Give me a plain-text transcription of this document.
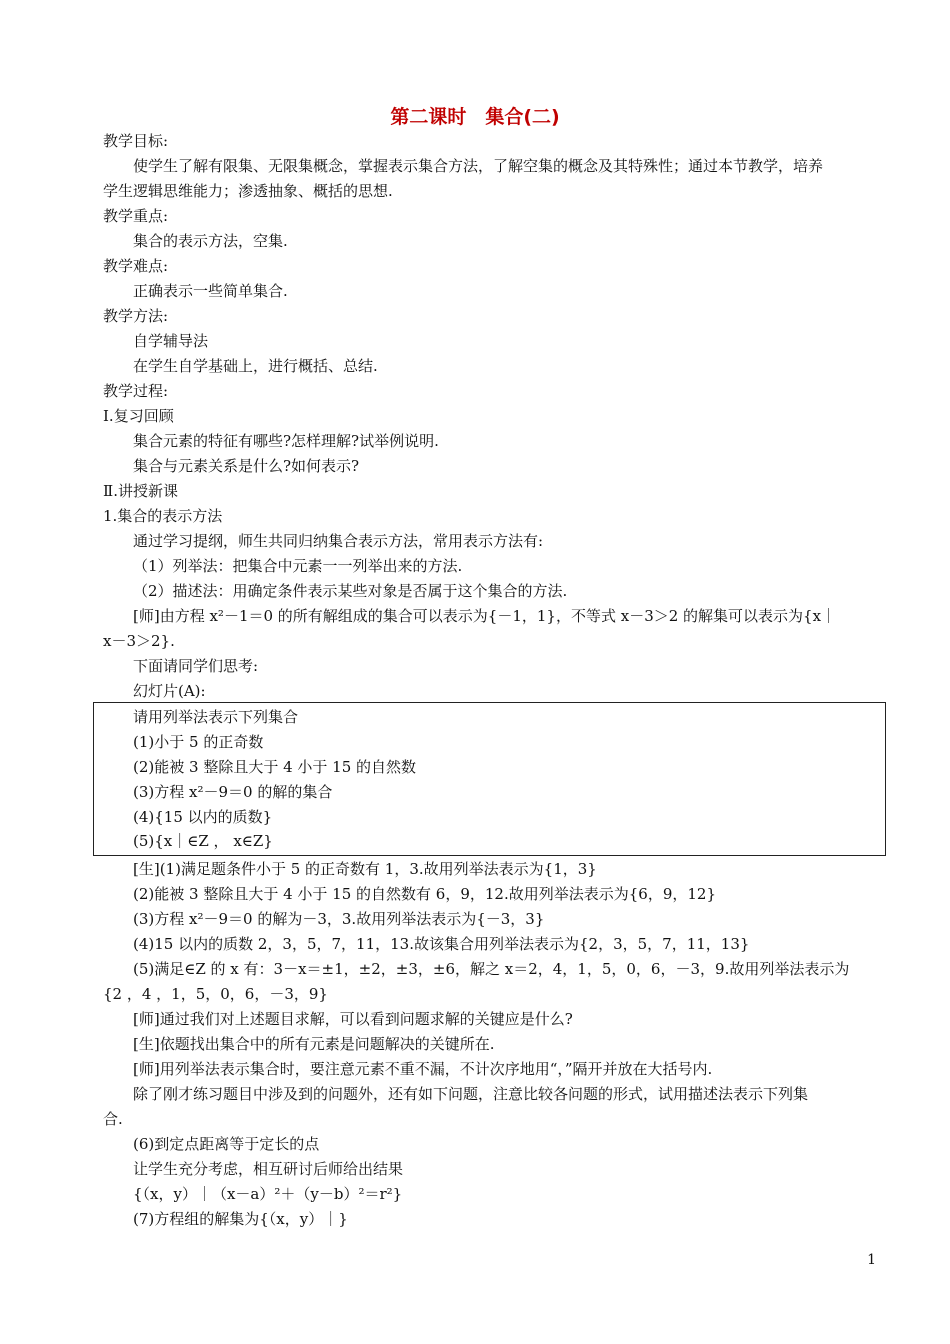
第二课时　集合(二)
教学目标:
使学生了解有限集、无限集概念，掌握表示集合方法，了解空集的概念及其特殊性；通过本节教学，培养
学生逻辑思维能力；渗透抽象、概括的思想.
教学重点:
集合的表示方法，空集.
教学难点:
正确表示一些简单集合.
教学方法:
自学辅导法
在学生自学基础上，进行概括、总结.
教学过程:
Ⅰ.复习回顾
集合元素的特征有哪些?怎样理解?试举例说明.
集合与元素关系是什么?如何表示?
Ⅱ.讲授新课
1.集合的表示方法
通过学习提纲，师生共同归纳集合表示方法，常用表示方法有:
（1）列举法：把集合中元素一一列举出来的方法.
（2）描述法：用确定条件表示某些对象是否属于这个集合的方法.
[师]由方程 x²－1＝0 的所有解组成的集合可以表示为{－1，1}，不等式 x－3＞2 的解集可以表示为{x｜
x－3＞2}.
下面请同学们思考:
幻灯片(A):
请用列举法表示下列集合
(1)小于 5 的正奇数
(2)能被 3 整除且大于 4 小于 15 的自然数
(3)方程 x²－9＝0 的解的集合
(4){15 以内的质数}
(5){x｜∈Z ， x∈Z}
[生](1)满足题条件小于 5 的正奇数有 1，3.故用列举法表示为{1，3}
(2)能被 3 整除且大于 4 小于 15 的自然数有 6，9，12.故用列举法表示为{6，9，12}
(3)方程 x²－9＝0 的解为－3，3.故用列举法表示为{－3，3}
(4)15 以内的质数 2，3，5，7，11，13.故该集合用列举法表示为{2，3，5，7，11，13}
(5)满足∈Z 的 x 有：3－x＝±1，±2，±3，±6，解之 x＝2，4，1，5，0，6，－3，9.故用列举法表示为
{2 ，4 ，1，5，0，6，－3，9}
[师]通过我们对上述题目求解，可以看到问题求解的关键应是什么?
[生]依题找出集合中的所有元素是问题解决的关键所在.
[师]用列举法表示集合时，要注意元素不重不漏，不计次序地用“，”隔开并放在大括号内.
除了刚才练习题目中涉及到的问题外，还有如下问题，注意比较各问题的形式，试用描述法表示下列集
合.
(6)到定点距离等于定长的点
让学生充分考虑，相互研讨后师给出结果
{（x，y）｜（x－a）²＋（y－b）²＝r²}
(7)方程组的解集为{（x，y）｜}
1
